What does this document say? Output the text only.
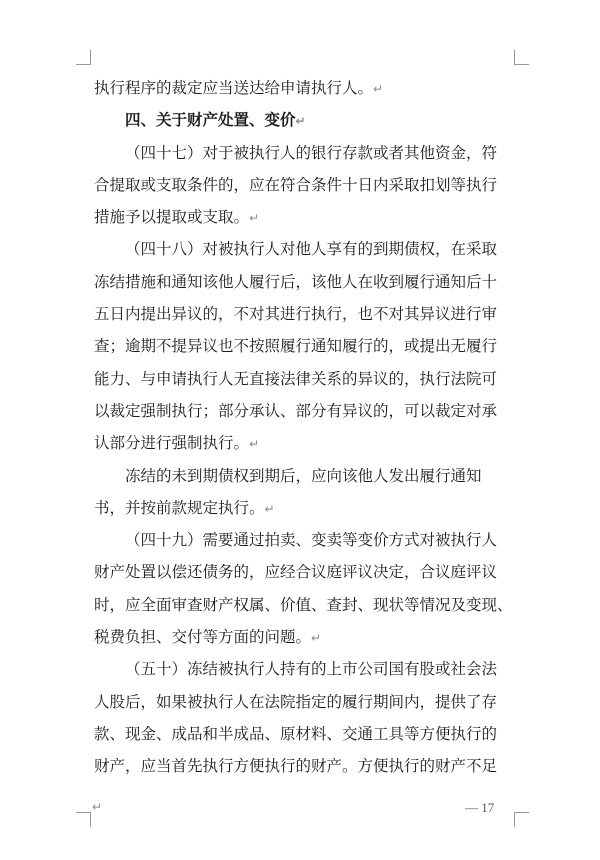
执行程序的裁定应当送达给申请执行人。↵
四、关于财产处置、变价↵
（四十七）对于被执行人的银行存款或者其他资金，符
合提取或支取条件的，应在符合条件十日内采取扣划等执行
措施予以提取或支取。↵
（四十八）对被执行人对他人享有的到期债权，在采取
冻结措施和通知该他人履行后，该他人在收到履行通知后十
五日内提出异议的，不对其进行执行，也不对其异议进行审
查；逾期不提异议也不按照履行通知履行的，或提出无履行
能力、与申请执行人无直接法律关系的异议的，执行法院可
以裁定强制执行；部分承认、部分有异议的，可以裁定对承
认部分进行强制执行。↵
冻结的未到期债权到期后，应向该他人发出履行通知
书，并按前款规定执行。↵
（四十九）需要通过拍卖、变卖等变价方式对被执行人
财产处置以偿还债务的，应经合议庭评议决定，合议庭评议
时，应全面审查财产权属、价值、查封、现状等情况及变现、
税费负担、交付等方面的问题。↵
（五十）冻结被执行人持有的上市公司国有股或社会法
人股后，如果被执行人在法院指定的履行期间内，提供了存
款、现金、成品和半成品、原材料、交通工具等方便执行的
财产，应当首先执行方便执行的财产。方便执行的财产不足
↵	— 17
